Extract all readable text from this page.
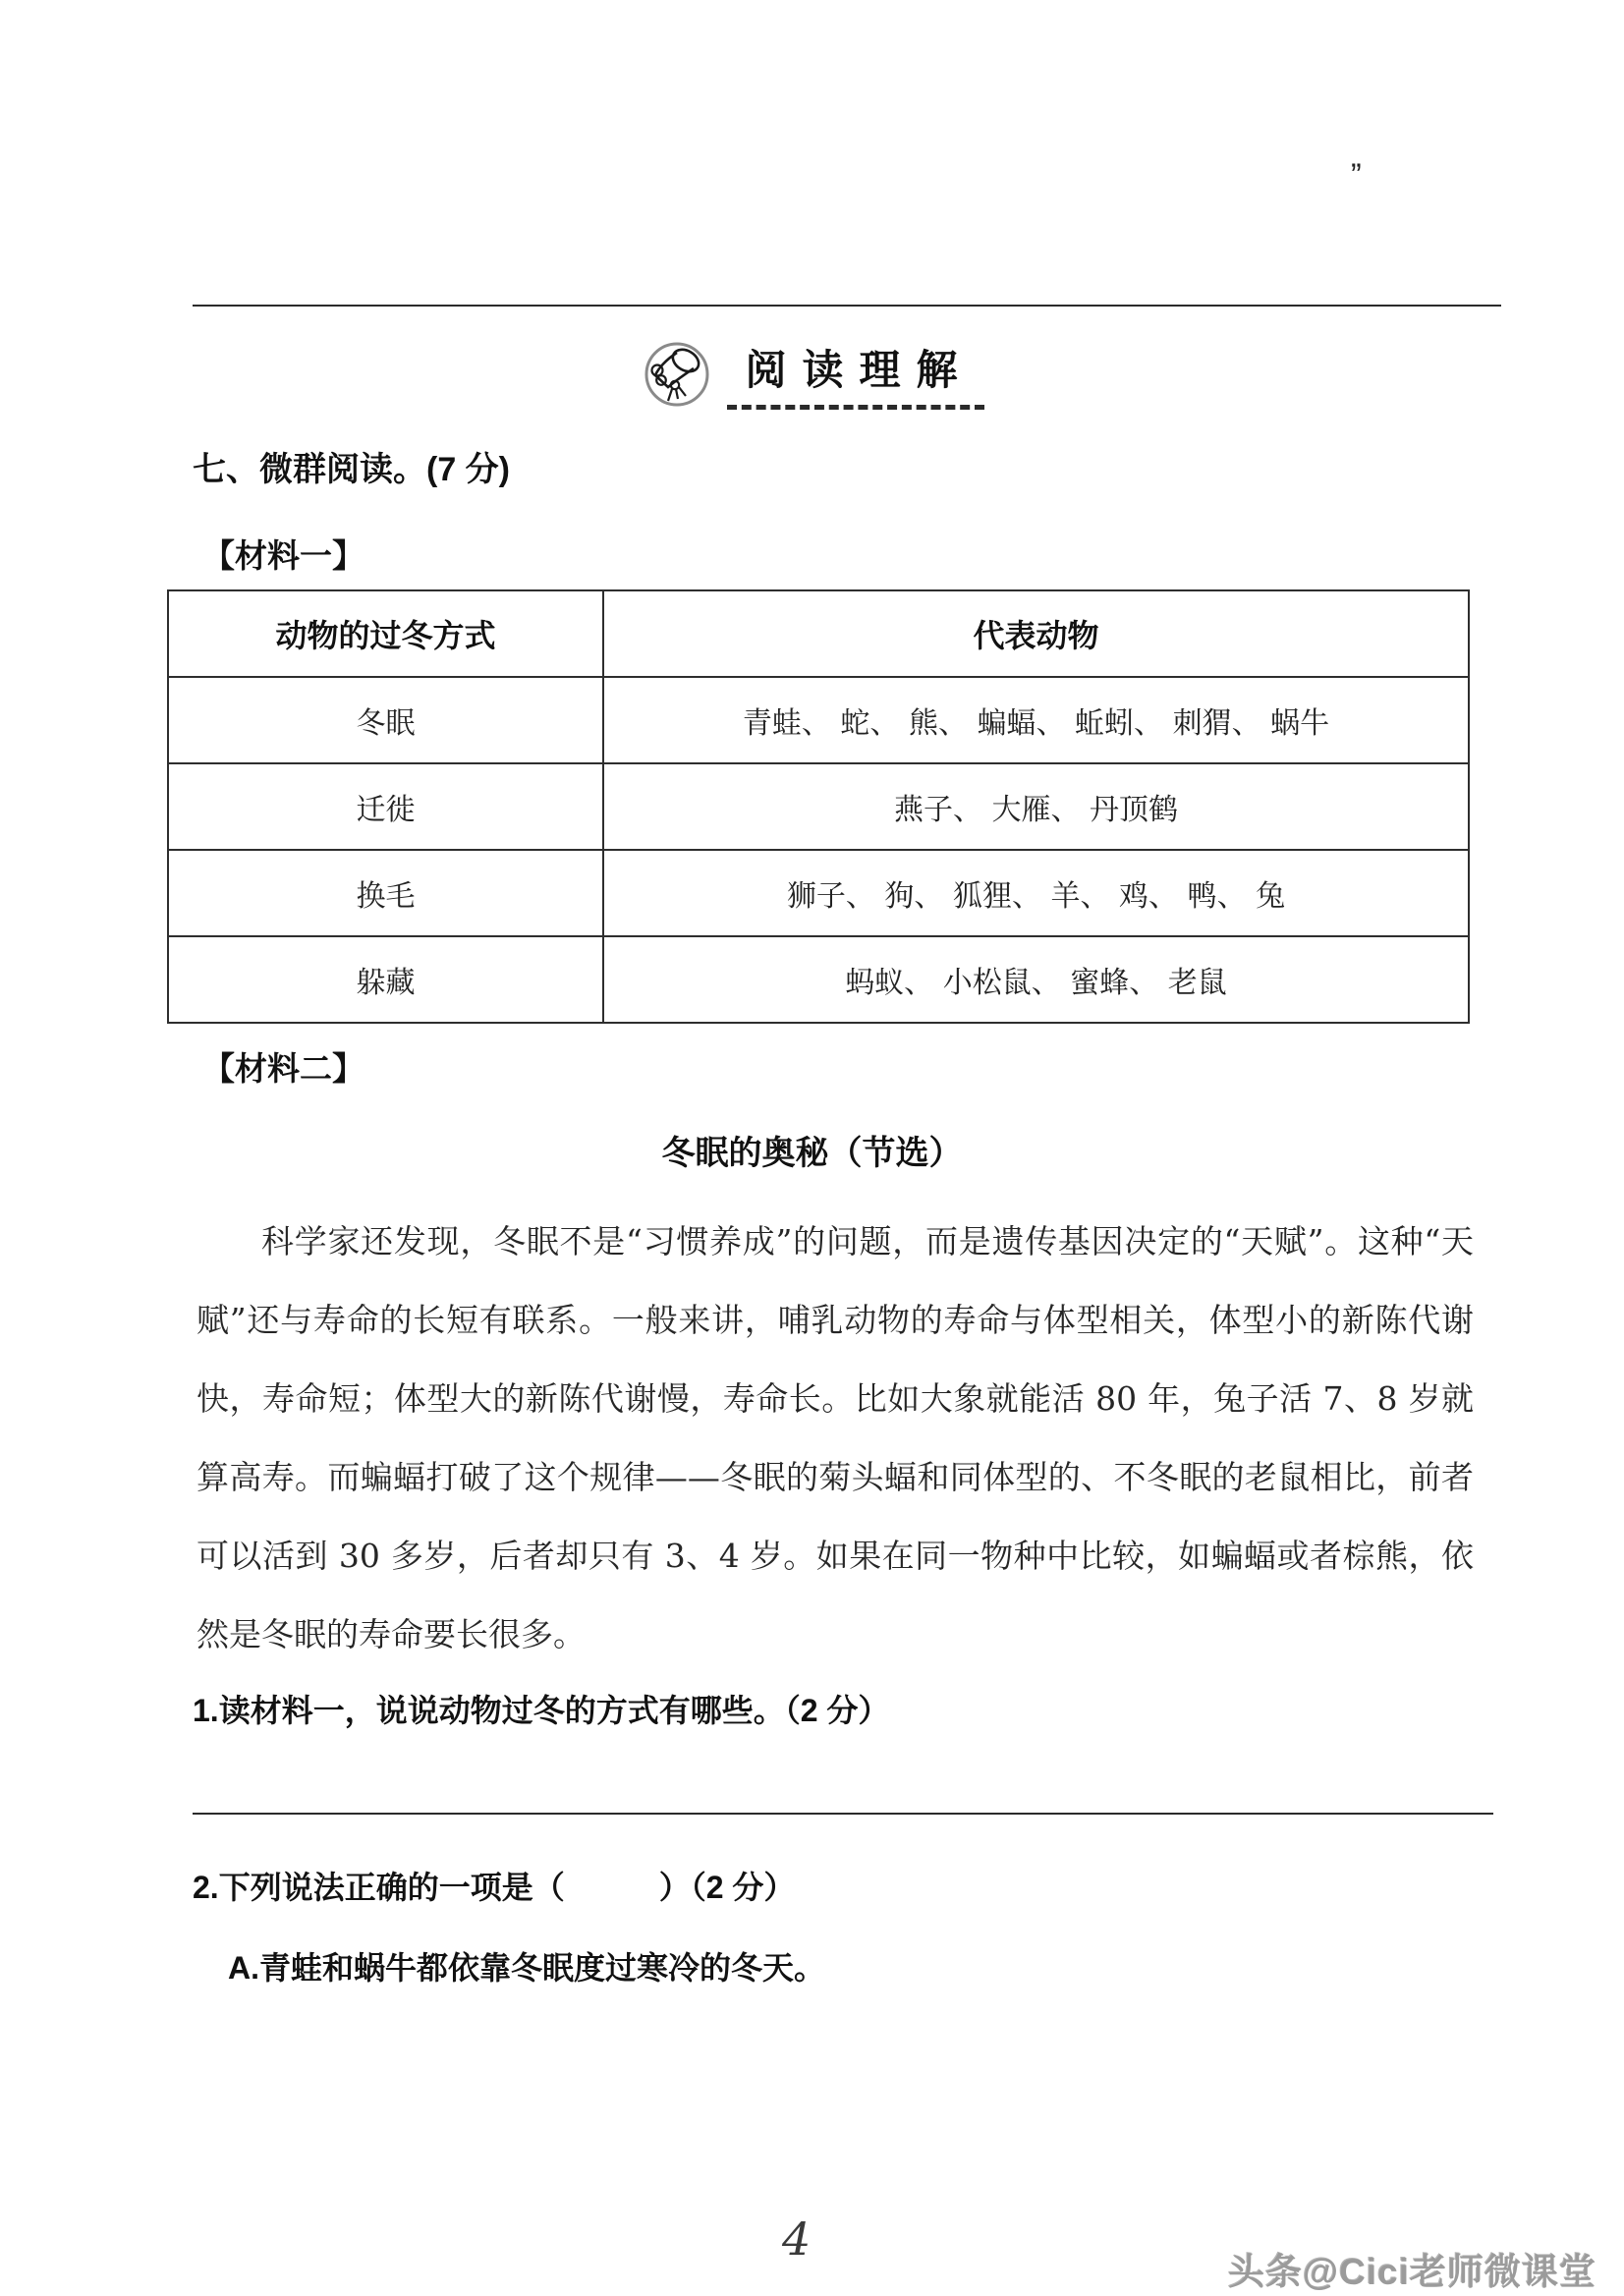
”
阅读理解
七、微群阅读。(7 分)
【材料一】
动物的过冬方式	代表动物
冬眠	青蛙、 蛇、 熊、 蝙蝠、 蚯蚓、 刺猬、 蜗牛
迁徙	燕子、 大雁、 丹顶鹤
换毛	狮子、 狗、 狐狸、 羊、 鸡、 鸭、 兔
躲藏	蚂蚁、 小松鼠、 蜜蜂、 老鼠
【材料二】
冬眠的奥秘（节选）
科学家还发现，冬眠不是“习惯养成”的问题，而是遗传基因决定的“天赋”。这种“天赋”还与寿命的长短有联系。一般来讲，哺乳动物的寿命与体型相关，体型小的新陈代谢快，寿命短；体型大的新陈代谢慢，寿命长。比如大象就能活 80 年，兔子活 7、8 岁就算高寿。而蝙蝠打破了这个规律——冬眠的菊头蝠和同体型的、不冬眠的老鼠相比，前者可以活到 30 多岁，后者却只有 3、4 岁。如果在同一物种中比较，如蝙蝠或者棕熊，依然是冬眠的寿命要长很多。
1.读材料一，说说动物过冬的方式有哪些。（2 分）
2.下列说法正确的一项是（　　　）（2 分）
A.青蛙和蜗牛都依靠冬眠度过寒冷的冬天。
4
头条@Cici老师微课堂
